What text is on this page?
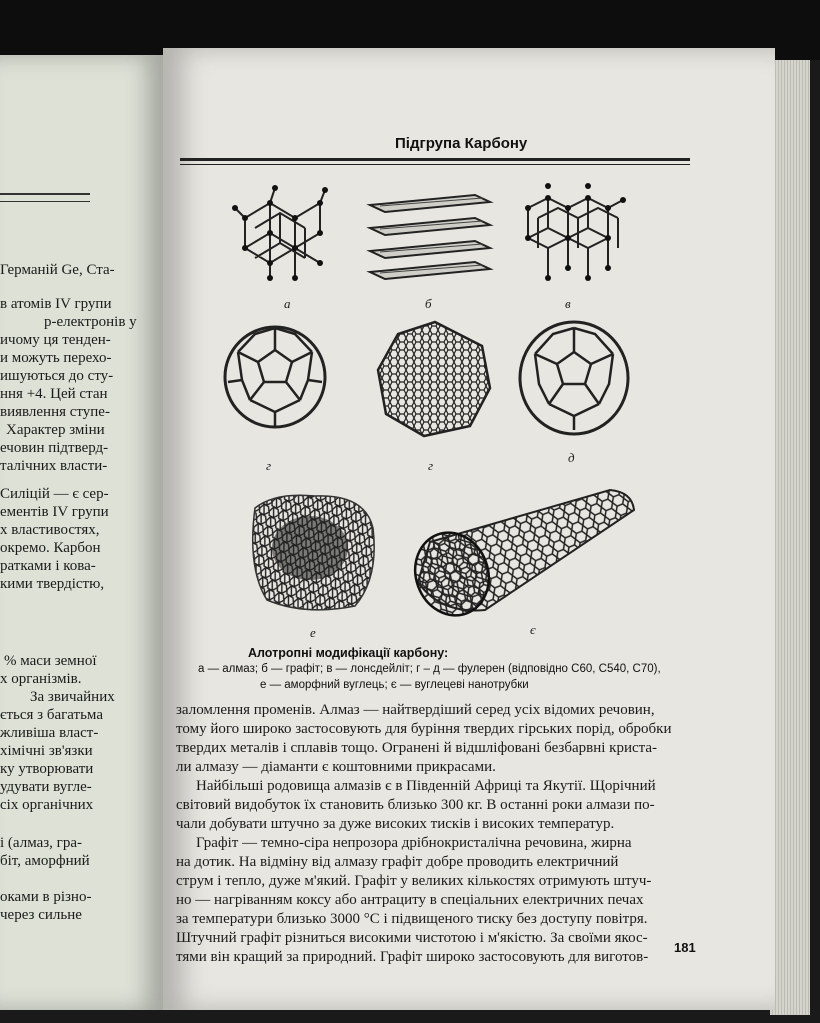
Германій Ge, Ста-
в атомів IV групи
р-електронів у
ичому ця тенден-
и можуть перехо-
ишуються до сту-
ння +4. Цей стан
виявлення ступе-
Характер зміни
ечовин підтверд-
талічних власти-
Силіцій — є сер-
ементів IV групи
х властивостях,
окремо. Карбон
ратками і кова-
кими твердістю,
% маси земної
х організмів.
За звичайних
ється з багатьма
жливіша власт-
хімічні зв'язки
ку утворювати
удувати вугле-
сіх органічних
і (алмаз, гра-
біт, аморфний
оками в різно-
через сильне
Підгрупа Карбону
а	б	в
г	г
д
е	є
Алотропні модифікації карбону:
а — алмаз; б — графіт; в — лонсдейліт; г – д — фулерен (відповідно C60, C540, C70),
е — аморфний вуглець; є — вуглецеві нанотрубки
заломлення променів. Алмаз — найтвердіший серед усіх відомих речовин,
тому його широко застосовують для буріння твердих гірських порід, обробки
твердих металів і сплавів тощо. Огранені й відшліфовані безбарвні криста-
ли алмазу — діаманти є коштовними прикрасами.
Найбільші родовища алмазів є в Південній Африці та Якутії. Щорічний
світовий видобуток їх становить близько 300 кг. В останні роки алмази по-
чали добувати штучно за дуже високих тисків і високих температур.
Графіт — темно-сіра непрозора дрібнокристалічна речовина, жирна
на дотик. На відміну від алмазу графіт добре проводить електричний
струм і тепло, дуже м'який. Графіт у великих кількостях отримують штуч-
но — нагріванням коксу або антрациту в спеціальних електричних печах
за температури близько 3000 °C і підвищеного тиску без доступу повітря.
Штучний графіт різниться високими чистотою і м'якістю. За своїми якос-
тями він кращий за природний. Графіт широко застосовують для виготов-
181
